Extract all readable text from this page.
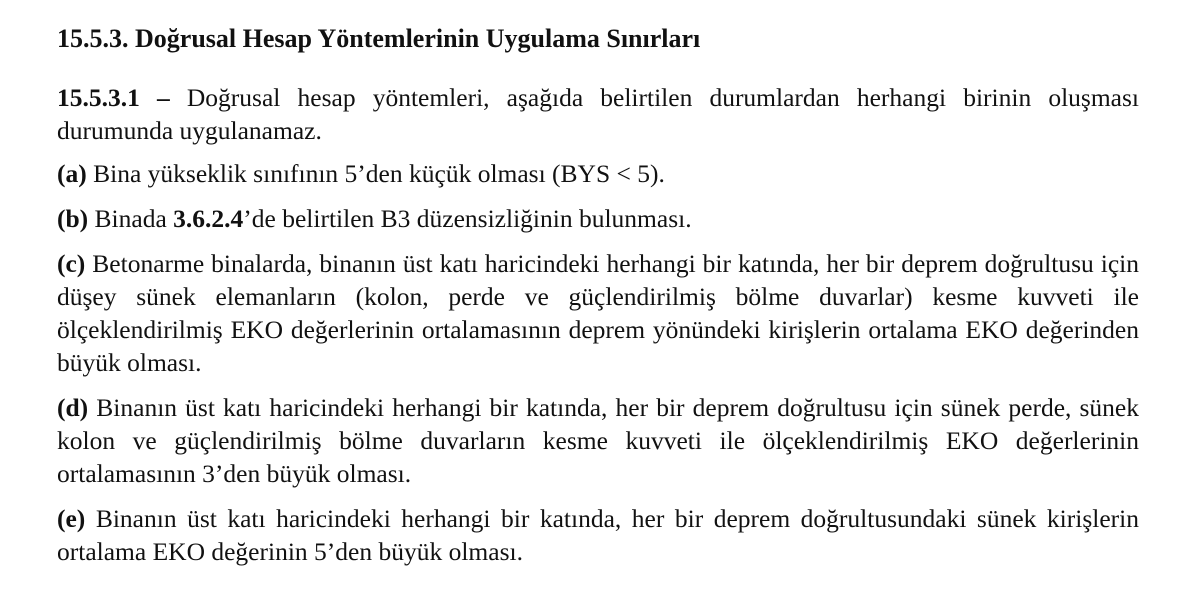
15.5.3. Doğrusal Hesap Yöntemlerinin Uygulama Sınırları

15.5.3.1 – Doğrusal hesap yöntemleri, aşağıda belirtilen durumlardan herhangi birinin oluşması durumunda uygulanamaz.

(a) Bina yükseklik sınıfının 5’den küçük olması (BYS < 5).

(b) Binada 3.6.2.4’de belirtilen B3 düzensizliğinin bulunması.

(c) Betonarme binalarda, binanın üst katı haricindeki herhangi bir katında, her bir deprem doğrultusu için düşey sünek elemanların (kolon, perde ve güçlendirilmiş bölme duvarlar) kesme kuvveti ile ölçeklendirilmiş EKO değerlerinin ortalamasının deprem yönündeki kirişlerin ortalama EKO değerinden büyük olması.

(d) Binanın üst katı haricindeki herhangi bir katında, her bir deprem doğrultusu için sünek perde, sünek kolon ve güçlendirilmiş bölme duvarların kesme kuvveti ile ölçeklendirilmiş EKO değerlerinin ortalamasının 3’den büyük olması.

(e) Binanın üst katı haricindeki herhangi bir katında, her bir deprem doğrultusundaki sünek kirişlerin ortalama EKO değerinin 5’den büyük olması.
